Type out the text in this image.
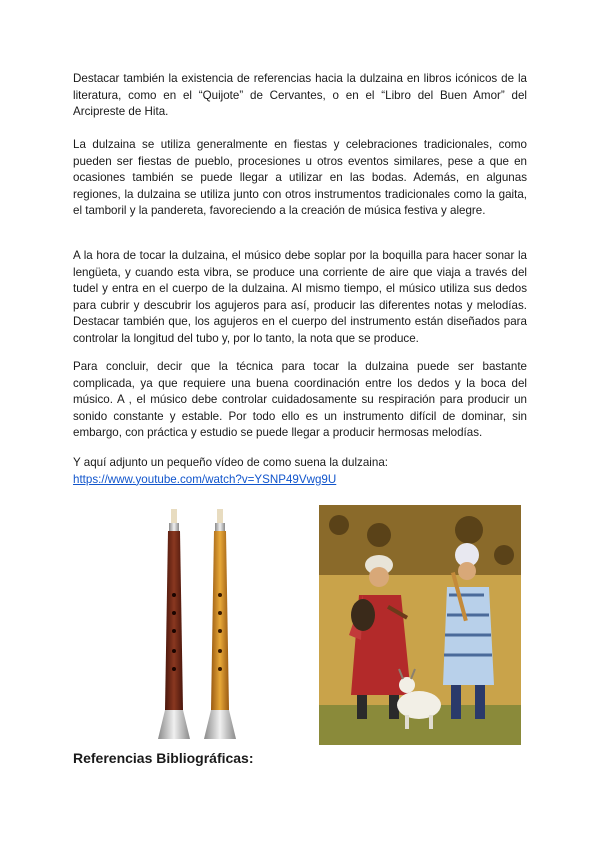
Destacar también la existencia de referencias hacia la dulzaina en libros icónicos de la literatura, como en el “Quijote” de Cervantes, o en el “Libro del Buen Amor” del Arcipreste de Hita.

La dulzaina se utiliza generalmente en fiestas y celebraciones tradicionales, como pueden ser fiestas de pueblo, procesiones u otros eventos similares, pese a que en ocasiones también se puede llegar a utilizar en las bodas. Además, en algunas regiones, la dulzaina se utiliza junto con otros instrumentos tradicionales como la gaita, el tamboril y la pandereta, favoreciendo a la creación de música festiva y alegre.

A la hora de tocar la dulzaina, el músico debe soplar por la boquilla para hacer sonar la lengüeta, y cuando esta vibra, se produce una corriente de aire que viaja a través del tudel y entra en el cuerpo de la dulzaina. Al mismo tiempo, el músico utiliza sus dedos para cubrir y descubrir los agujeros para así, producir las diferentes notas y melodías. Destacar también que, los agujeros en el cuerpo del instrumento están diseñados para controlar la longitud del tubo y, por lo tanto, la nota que se produce.

Para concluir, decir que la técnica para tocar la dulzaina puede ser bastante complicada, ya que requiere una buena coordinación entre los dedos y la boca del músico. A , el músico debe controlar cuidadosamente su respiración para producir un sonido constante y estable. Por todo ello es un instrumento difícil de dominar, sin embargo, con práctica y estudio se puede llegar a producir hermosas melodías.

Y aquí adjunto un pequeño vídeo de como suena la dulzaina:
https://www.youtube.com/watch?v=YSNP49Vwg9U

Referencias Bibliográficas:
